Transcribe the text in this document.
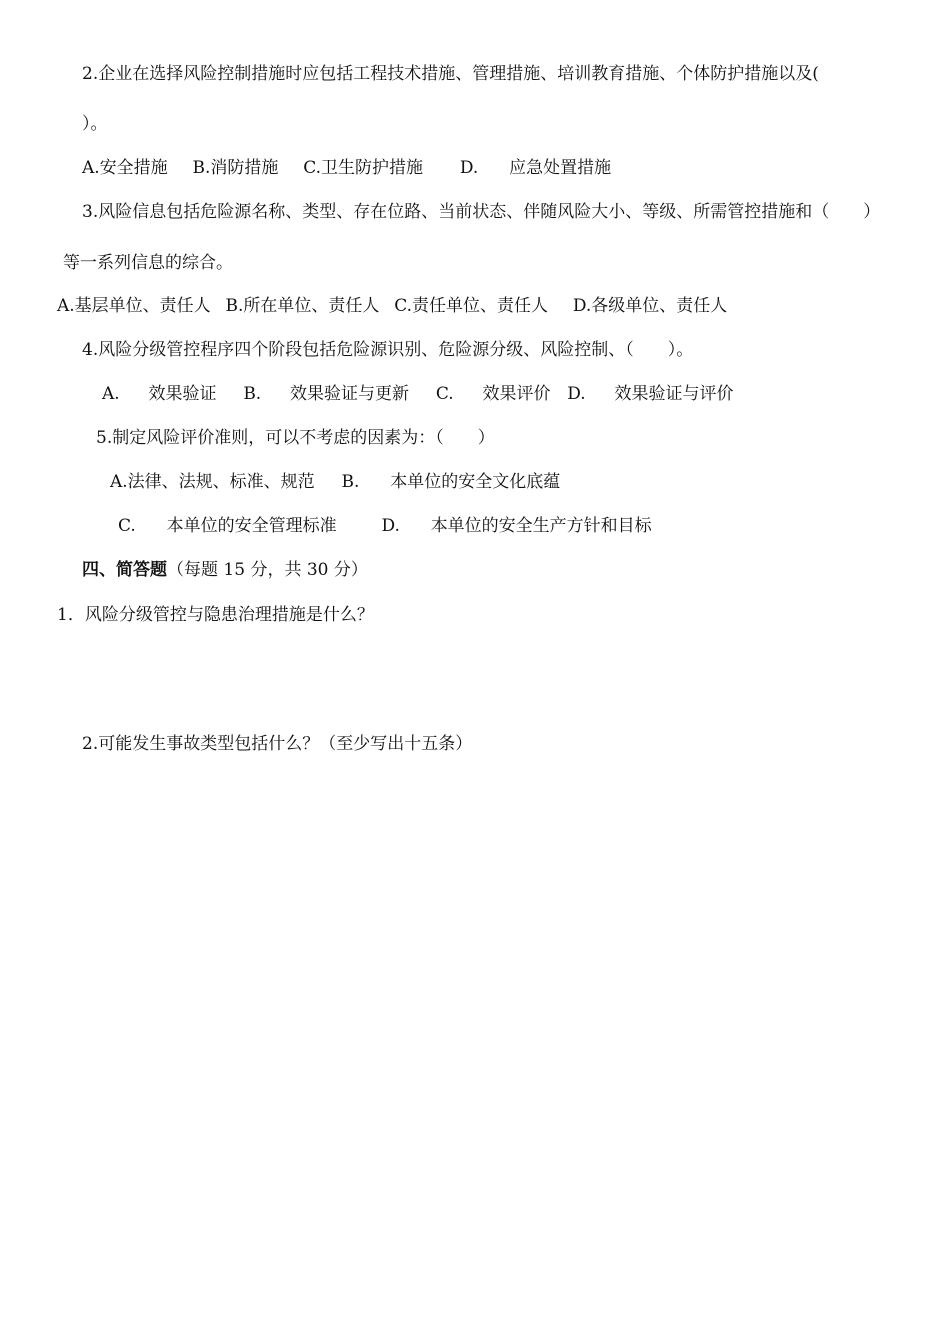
2.企业在选择风险控制措施时应包括工程技术措施、管理措施、培训教育措施、个体防护措施以及(
）。
A.安全措施 B.消防措施 C.卫生防护措施 D. 应急处置措施
3.风险信息包括危险源名称、类型、存在位路、当前状态、伴随风险大小、等级、所需管控措施和（　　）
等一系列信息的综合。
A.基层单位、责任人 B.所在单位、责任人 C.责任单位、责任人 D.各级单位、责任人
4.风险分级管控程序四个阶段包括危险源识别、危险源分级、风险控制、（　　）。
A. 效果验证 B. 效果验证与更新 C. 效果评价 D. 效果验证与评价
5.制定风险评价准则，可以不考虑的因素为：（　　）
A.法律、法规、标准、规范 B. 本单位的安全文化底蕴
C. 本单位的安全管理标准	D. 本单位的安全生产方针和目标
四、简答题（每题 15 分，共 30 分）
1．风险分级管控与隐患治理措施是什么？
2.可能发生事故类型包括什么？（至少写出十五条）
